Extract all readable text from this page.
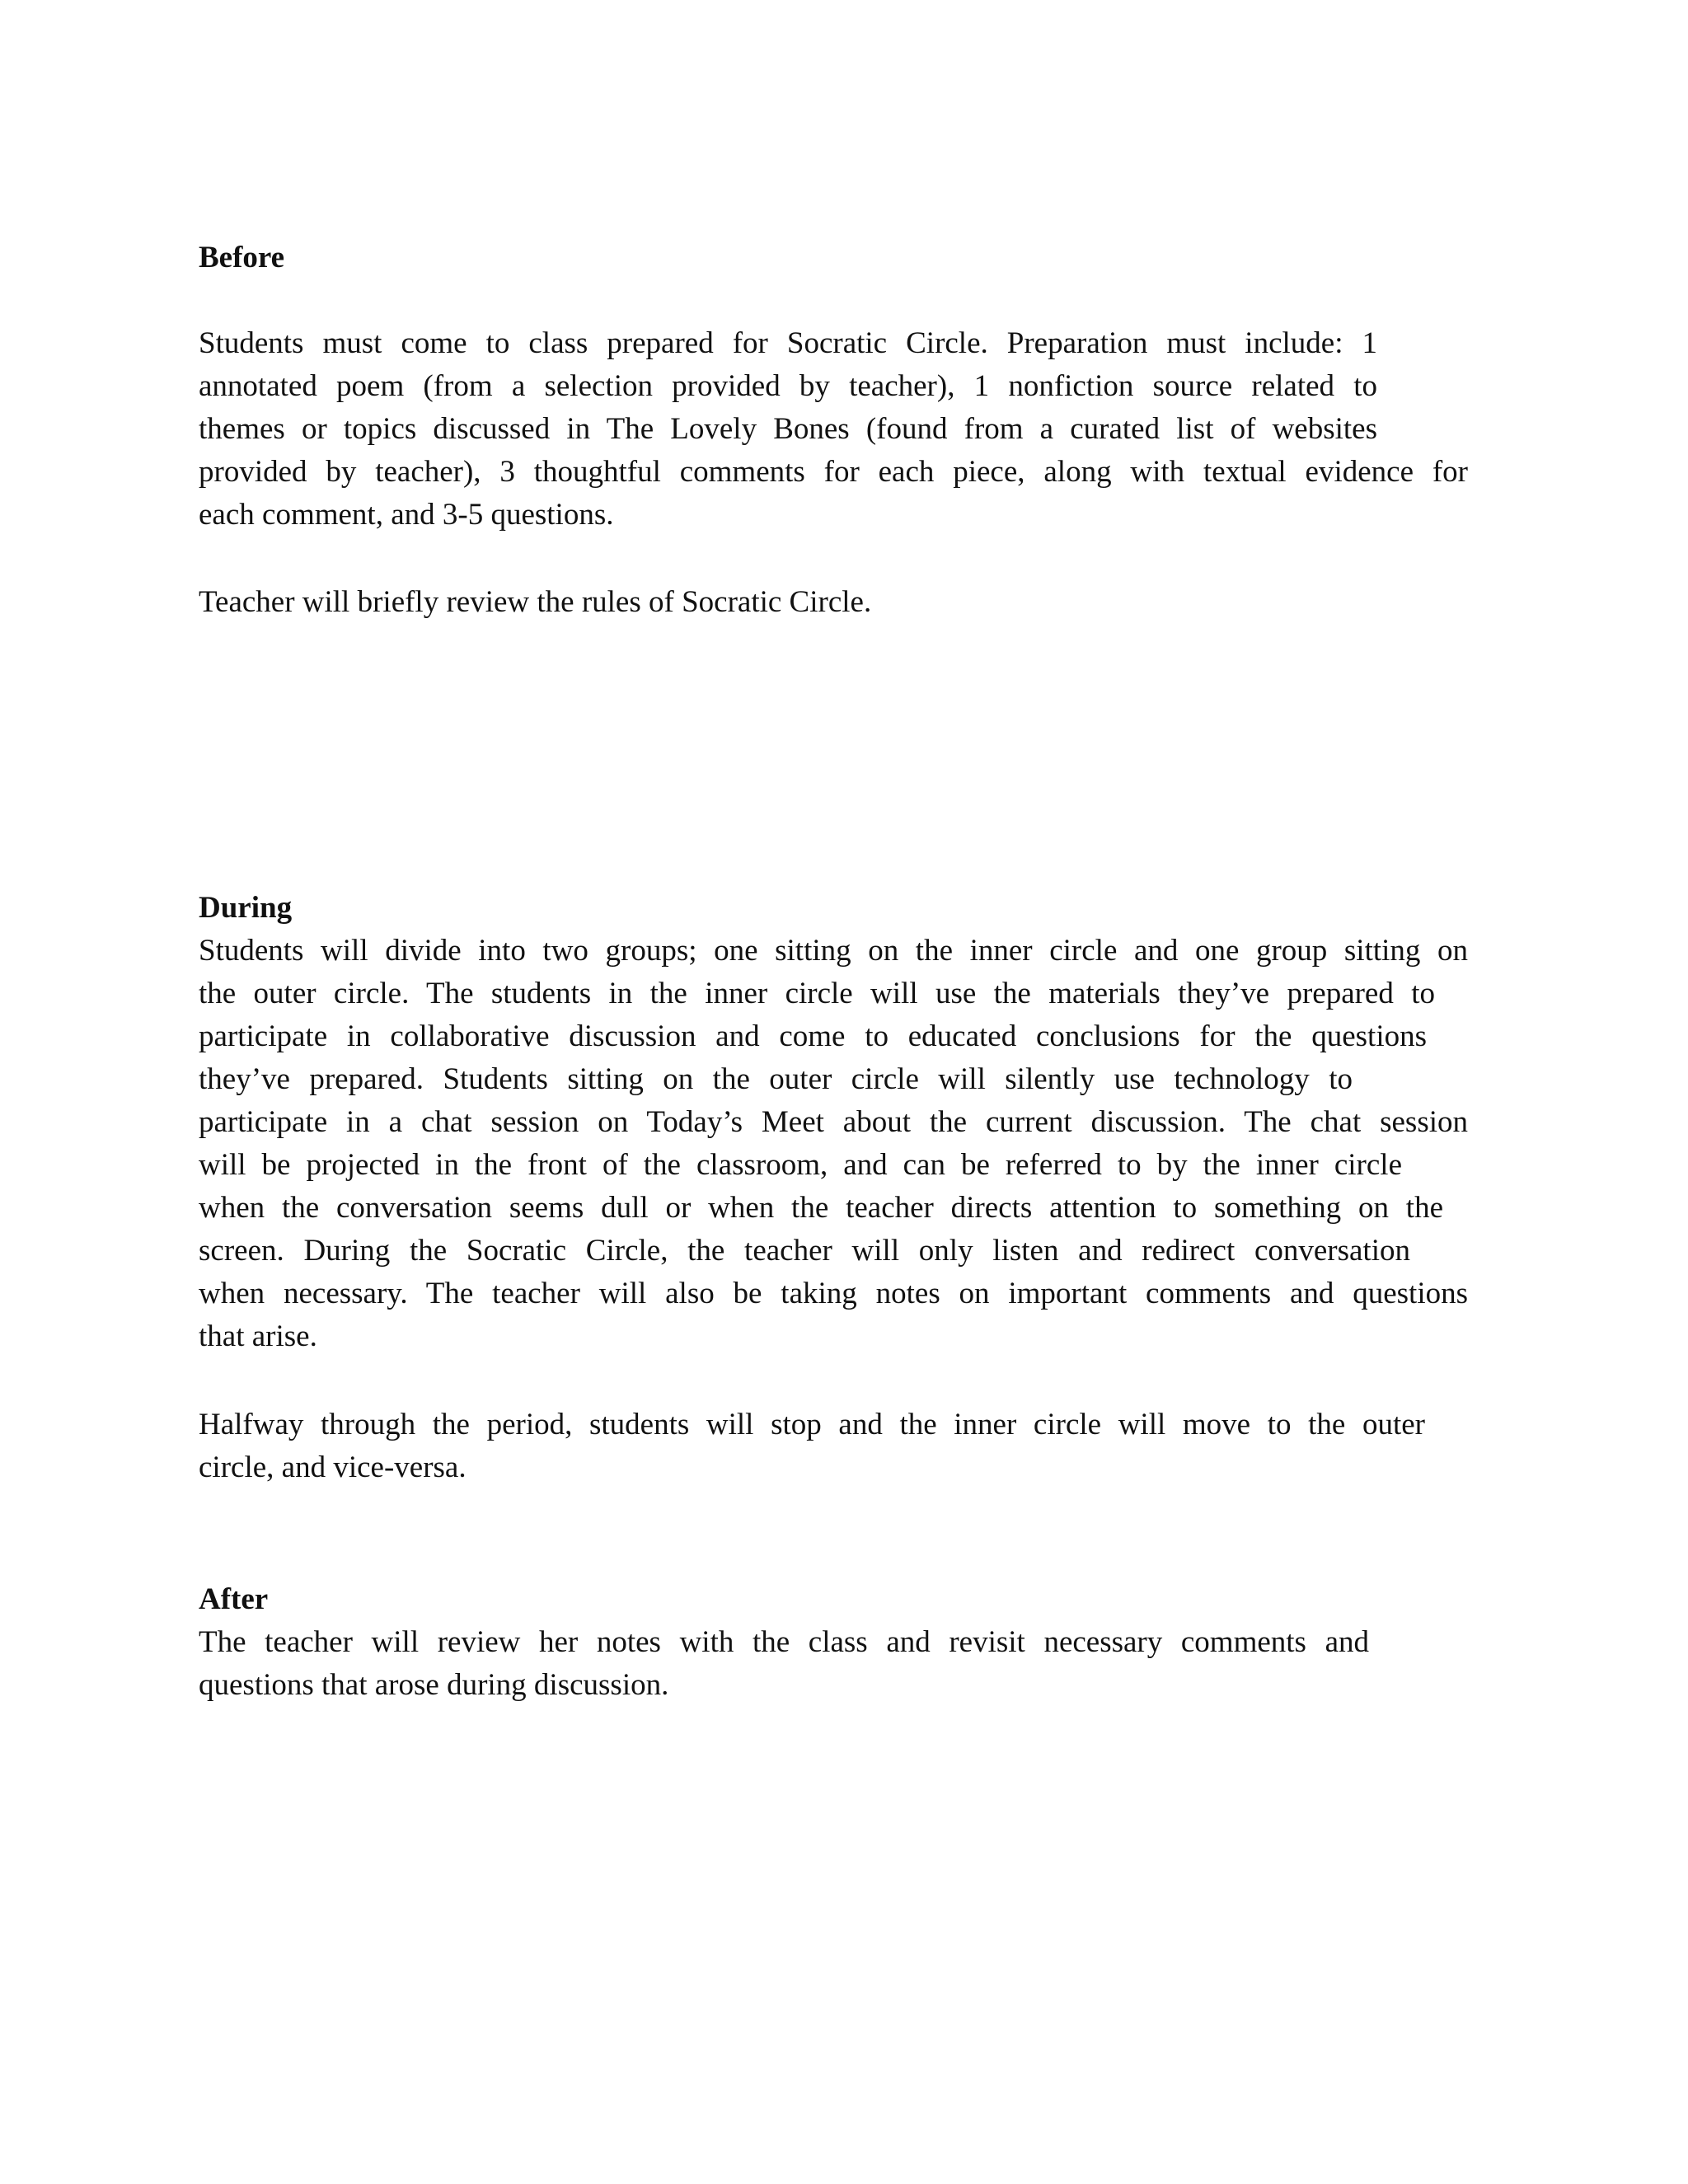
Before
Students must come to class prepared for Socratic Circle. Preparation must include: 1
annotated poem (from a selection provided by teacher), 1 nonfiction source related to
themes or topics discussed in The Lovely Bones (found from a curated list of websites
provided by teacher), 3 thoughtful comments for each piece, along with textual evidence for
each comment, and 3-5 questions.
Teacher will briefly review the rules of Socratic Circle.
During
Students will divide into two groups; one sitting on the inner circle and one group sitting on
the outer circle. The students in the inner circle will use the materials they’ve prepared to
participate in collaborative discussion and come to educated conclusions for the questions
they’ve prepared. Students sitting on the outer circle will silently use technology to
participate in a chat session on Today’s Meet about the current discussion. The chat session
will be projected in the front of the classroom, and can be referred to by the inner circle
when the conversation seems dull or when the teacher directs attention to something on the
screen. During the Socratic Circle, the teacher will only listen and redirect conversation
when necessary. The teacher will also be taking notes on important comments and questions
that arise.
Halfway through the period, students will stop and the inner circle will move to the outer
circle, and vice-versa.
After
The teacher will review her notes with the class and revisit necessary comments and
questions that arose during discussion.
